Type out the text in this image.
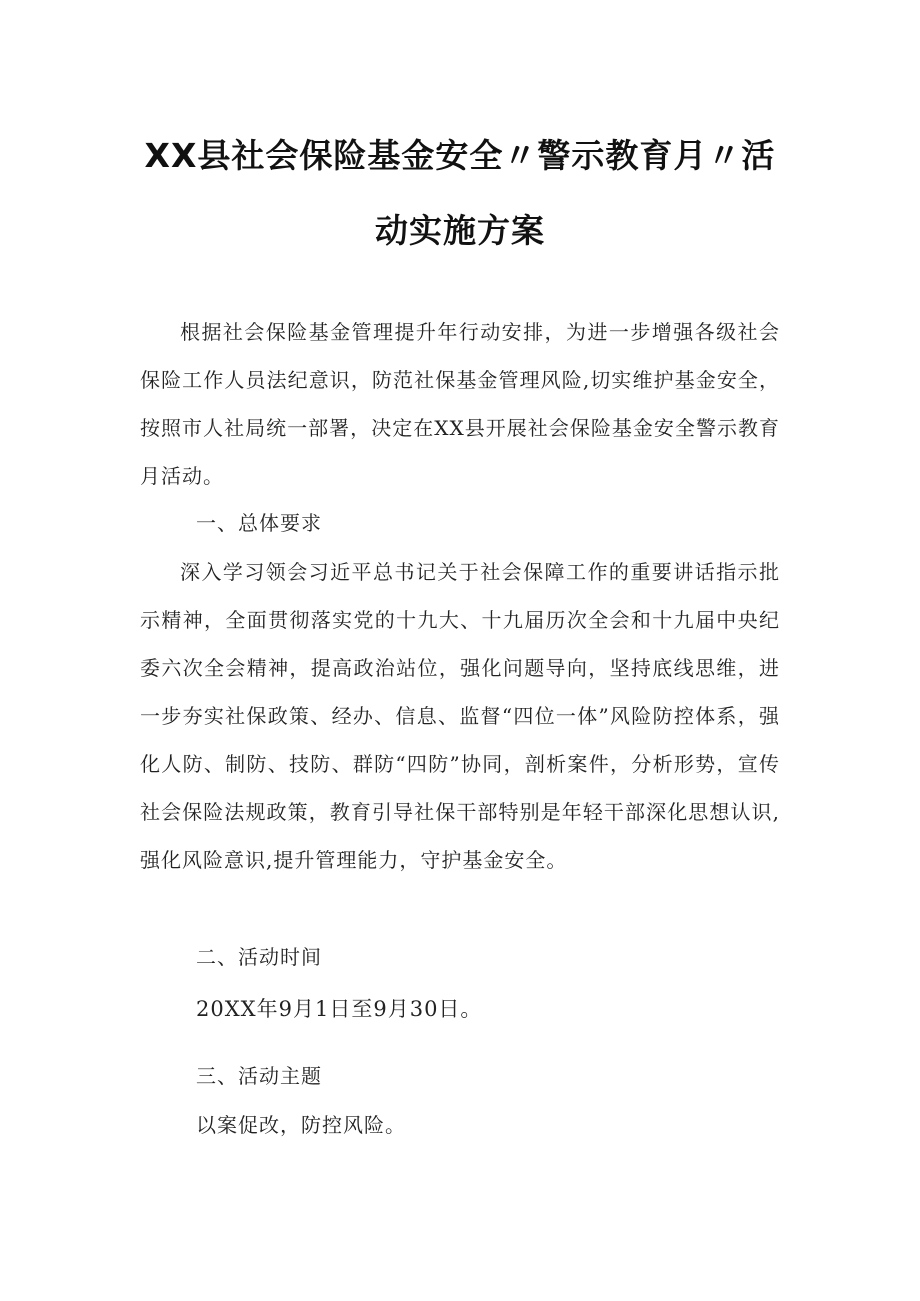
XX县社会保险基金安全〃警示教育月〃活
动实施方案

根据社会保险基金管理提升年行动安排，为进一步增强各级社会保险工作人员法纪意识，防范社保基金管理风险,切实维护基金安全，按照市人社局统一部署，决定在XX县开展社会保险基金安全警示教育月活动。

一、总体要求

深入学习领会习近平总书记关于社会保障工作的重要讲话指示批示精神，全面贯彻落实党的十九大、十九届历次全会和十九届中央纪委六次全会精神，提高政治站位，强化问题导向，坚持底线思维，进一步夯实社保政策、经办、信息、监督“四位一体”风险防控体系，强化人防、制防、技防、群防“四防”协同，剖析案件，分析形势，宣传社会保险法规政策，教育引导社保干部特别是年轻干部深化思想认识,强化风险意识,提升管理能力，守护基金安全。

二、活动时间

20XX年9月1日至9月30日。

三、活动主题

以案促改，防控风险。
